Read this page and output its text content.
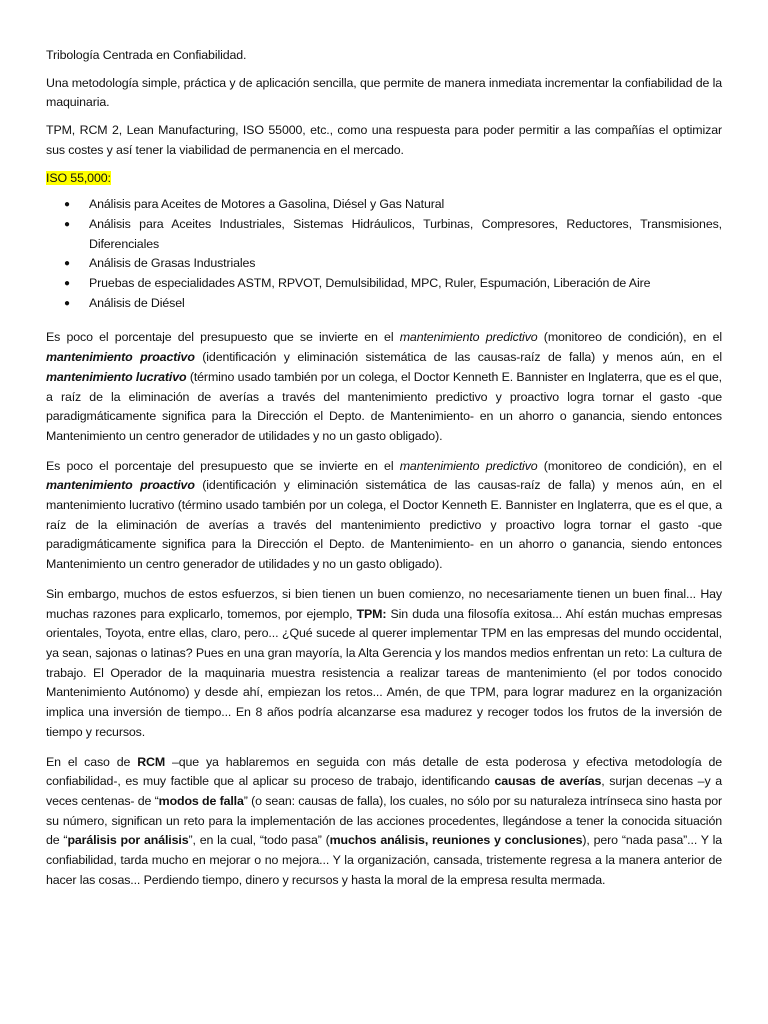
Tribología Centrada en Confiabilidad.

Una metodología simple, práctica y de aplicación sencilla, que permite de manera inmediata incrementar la confiabilidad de la maquinaria.

TPM, RCM 2, Lean Manufacturing, ISO 55000, etc., como una respuesta para poder permitir a las compañías el optimizar sus costes y así tener la viabilidad de permanencia en el mercado.

ISO 55,000:

● Análisis para Aceites de Motores a Gasolina, Diésel y Gas Natural
● Análisis para Aceites Industriales, Sistemas Hidráulicos, Turbinas, Compresores, Reductores, Transmisiones, Diferenciales
● Análisis de Grasas Industriales
● Pruebas de especialidades ASTM, RPVOT, Demulsibilidad, MPC, Ruler, Espumación, Liberación de Aire
● Análisis de Diésel

Es poco el porcentaje del presupuesto que se invierte en el mantenimiento predictivo (monitoreo de condición), en el mantenimiento proactivo (identificación y eliminación sistemática de las causas-raíz de falla) y menos aún, en el mantenimiento lucrativo (término usado también por un colega, el Doctor Kenneth E. Bannister en Inglaterra, que es el que, a raíz de la eliminación de averías a través del mantenimiento predictivo y proactivo logra tornar el gasto -que paradigmáticamente significa para la Dirección el Depto. de Mantenimiento- en un ahorro o ganancia, siendo entonces Mantenimiento un centro generador de utilidades y no un gasto obligado).

Es poco el porcentaje del presupuesto que se invierte en el mantenimiento predictivo (monitoreo de condición), en el mantenimiento proactivo (identificación y eliminación sistemática de las causas-raíz de falla) y menos aún, en el mantenimiento lucrativo (término usado también por un colega, el Doctor Kenneth E. Bannister en Inglaterra, que es el que, a raíz de la eliminación de averías a través del mantenimiento predictivo y proactivo logra tornar el gasto -que paradigmáticamente significa para la Dirección el Depto. de Mantenimiento- en un ahorro o ganancia, siendo entonces Mantenimiento un centro generador de utilidades y no un gasto obligado).

Sin embargo, muchos de estos esfuerzos, si bien tienen un buen comienzo, no necesariamente tienen un buen final... Hay muchas razones para explicarlo, tomemos, por ejemplo, TPM: Sin duda una filosofía exitosa... Ahí están muchas empresas orientales, Toyota, entre ellas, claro, pero... ¿Qué sucede al querer implementar TPM en las empresas del mundo occidental, ya sean, sajonas o latinas? Pues en una gran mayoría, la Alta Gerencia y los mandos medios enfrentan un reto: La cultura de trabajo. El Operador de la maquinaria muestra resistencia a realizar tareas de mantenimiento (el por todos conocido Mantenimiento Autónomo) y desde ahí, empiezan los retos... Amén, de que TPM, para lograr madurez en la organización implica una inversión de tiempo... En 8 años podría alcanzarse esa madurez y recoger todos los frutos de la inversión de tiempo y recursos.

En el caso de RCM –que ya hablaremos en seguida con más detalle de esta poderosa y efectiva metodología de confiabilidad-, es muy factible que al aplicar su proceso de trabajo, identificando causas de averías, surjan decenas –y a veces centenas- de “modos de falla” (o sean: causas de falla), los cuales, no sólo por su naturaleza intrínseca sino hasta por su número, significan un reto para la implementación de las acciones procedentes, llegándose a tener la conocida situación de “parálisis por análisis”, en la cual, “todo pasa” (muchos análisis, reuniones y conclusiones), pero “nada pasa”... Y la confiabilidad, tarda mucho en mejorar o no mejora... Y la organización, cansada, tristemente regresa a la manera anterior de hacer las cosas... Perdiendo tiempo, dinero y recursos y hasta la moral de la empresa resulta mermada.
